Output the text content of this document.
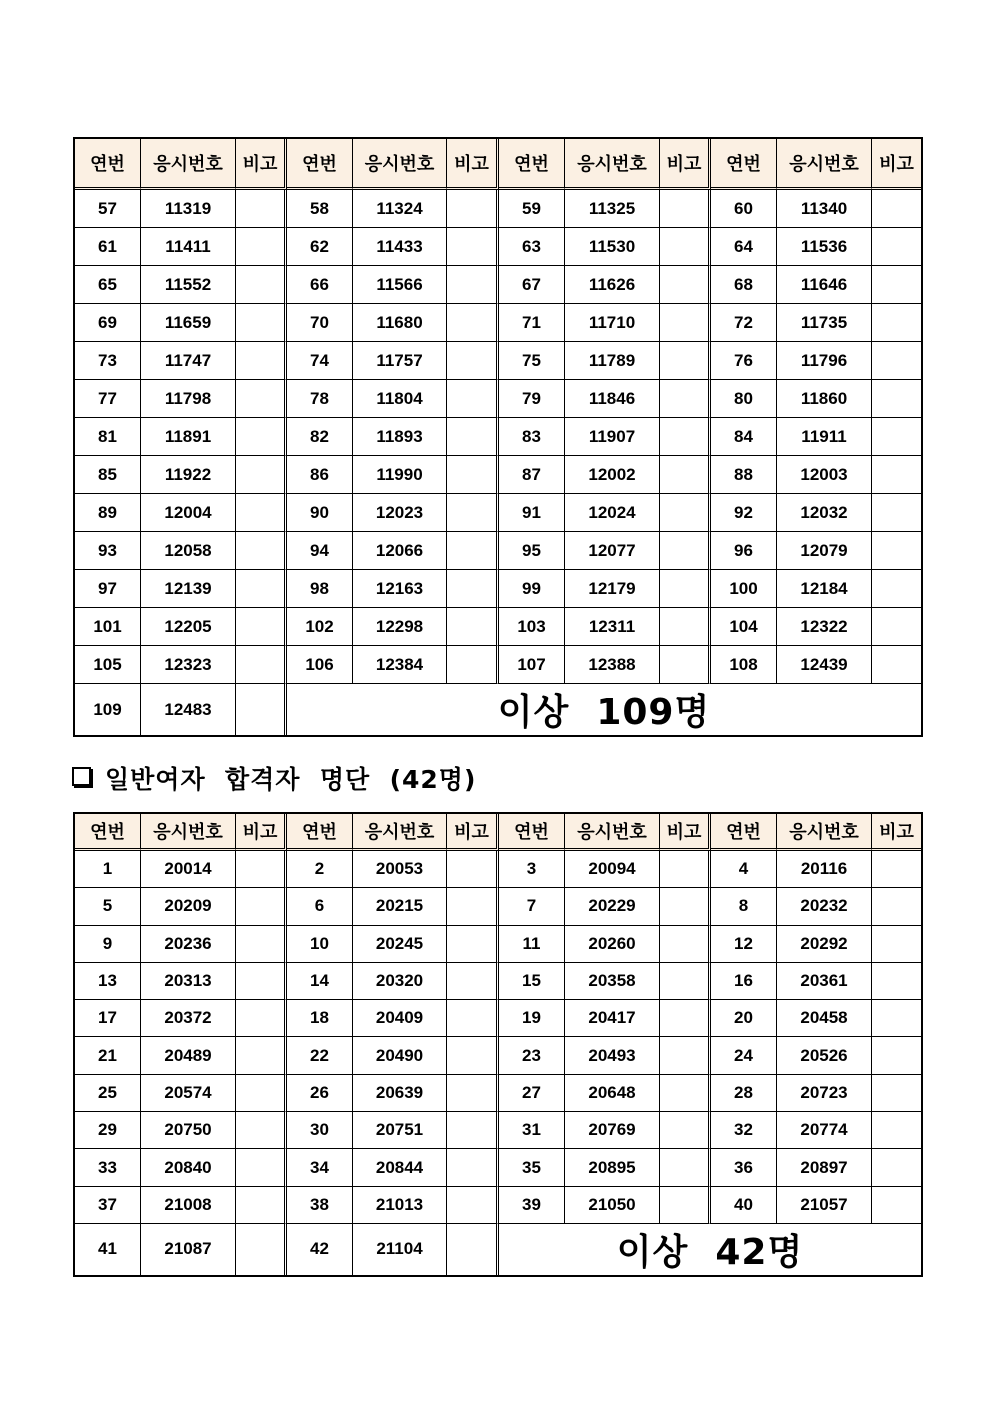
연번	응시번호	비고	연번	응시번호	비고	연번	응시번호	비고	연번	응시번호	비고
57	11319		58	11324		59	11325		60	11340	
61	11411		62	11433		63	11530		64	11536	
65	11552		66	11566		67	11626		68	11646	
69	11659		70	11680		71	11710		72	11735	
73	11747		74	11757		75	11789		76	11796	
77	11798		78	11804		79	11846		80	11860	
81	11891		82	11893		83	11907		84	11911	
85	11922		86	11990		87	12002		88	12003	
89	12004		90	12023		91	12024		92	12032	
93	12058		94	12066		95	12077		96	12079	
97	12139		98	12163		99	12179		100	12184	
101	12205		102	12298		103	12311		104	12322	
105	12323		106	12384		107	12388		108	12439	
109	12483		이상  109명								
일반여자  합격자  명단  (42명)
연번	응시번호	비고	연번	응시번호	비고	연번	응시번호	비고	연번	응시번호	비고
1	20014		2	20053		3	20094		4	20116	
5	20209		6	20215		7	20229		8	20232	
9	20236		10	20245		11	20260		12	20292	
13	20313		14	20320		15	20358		16	20361	
17	20372		18	20409		19	20417		20	20458	
21	20489		22	20490		23	20493		24	20526	
25	20574		26	20639		27	20648		28	20723	
29	20750		30	20751		31	20769		32	20774	
33	20840		34	20844		35	20895		36	20897	
37	21008		38	21013		39	21050		40	21057	
41	21087		42	21104		이상  42명					
